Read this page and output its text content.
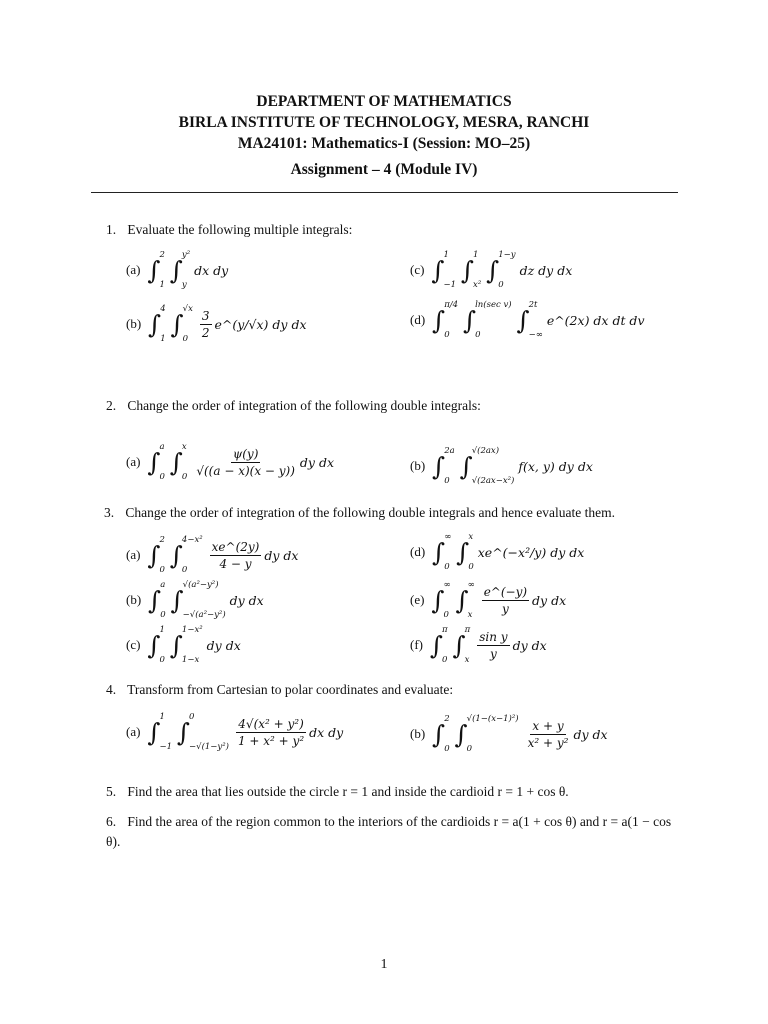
DEPARTMENT OF MATHEMATICS
BIRLA INSTITUTE OF TECHNOLOGY, MESRA, RANCHI
MA24101: Mathematics-I (Session: MO–25)
Assignment – 4 (Module IV)
1. Evaluate the following multiple integrals:
(a) ∫
2
1
∫
y²
y
dx dy
(b) ∫
4
1
∫
√x
$0 \frac{3}{2}$ e^(y/√x)
dy dx
(c) ∫
1
−1
∫
1
x²
∫
1−y
0
dz dy dx
(d) ∫
π/4
0
∫
ln(sec v)
0
∫
2t
−∞
e^(2x) dx dt dv
2. Change the order of integration of the following double integrals:
(a) ∫
a
0
∫
x
$0 \frac{\psi(y)}{√((a - x)(x - y))}$ dy dx	(b) ∫
2a
0
∫
√(2ax)
√(2ax−x²)
f(x, y) dy dx
3. Change the order of integration of the following double integrals and hence evaluate them.
(a) ∫
2
0
∫
4−x²
0	$\frac{xe\^{}(2y)}{4 - y}$ dy dx
(b) ∫
a
0
∫
√(a²−y²)
−√(a²−y²)
dy dx
(c) ∫
1
0
∫
1−x²
1−x
dy dx
(d) ∫
∞
0
∫
x
0
xe^(−x²/y) dy dx
(e) ∫
∞
0
∫
∞
x $\frac{e\^{}(-y)}{y}$ dy dx
(f) ∫
π
0
∫
π
x $\frac{\text{sin y}}{y}$ dy dx
4. Transform from Cartesian to polar coordinates and evaluate:
(a) ∫
1
−1
∫
0
$-√(1-y^2) \frac{\text{4√(x² + y²)}}{\text{1 + x² + y²}}$ dx dy	(b) ∫
2
0
∫
√(1−(x−1)²)
0	$\frac{x + y}{\text{x² + y²}}$ dy dx
5. Find the area that lies outside the circle r = 1 and inside the cardioid r = 1 + cos θ.
6. Find the area of the region common to the interiors of the cardioids r = a(1 + cos θ) and r = a(1 − cos θ).
1
